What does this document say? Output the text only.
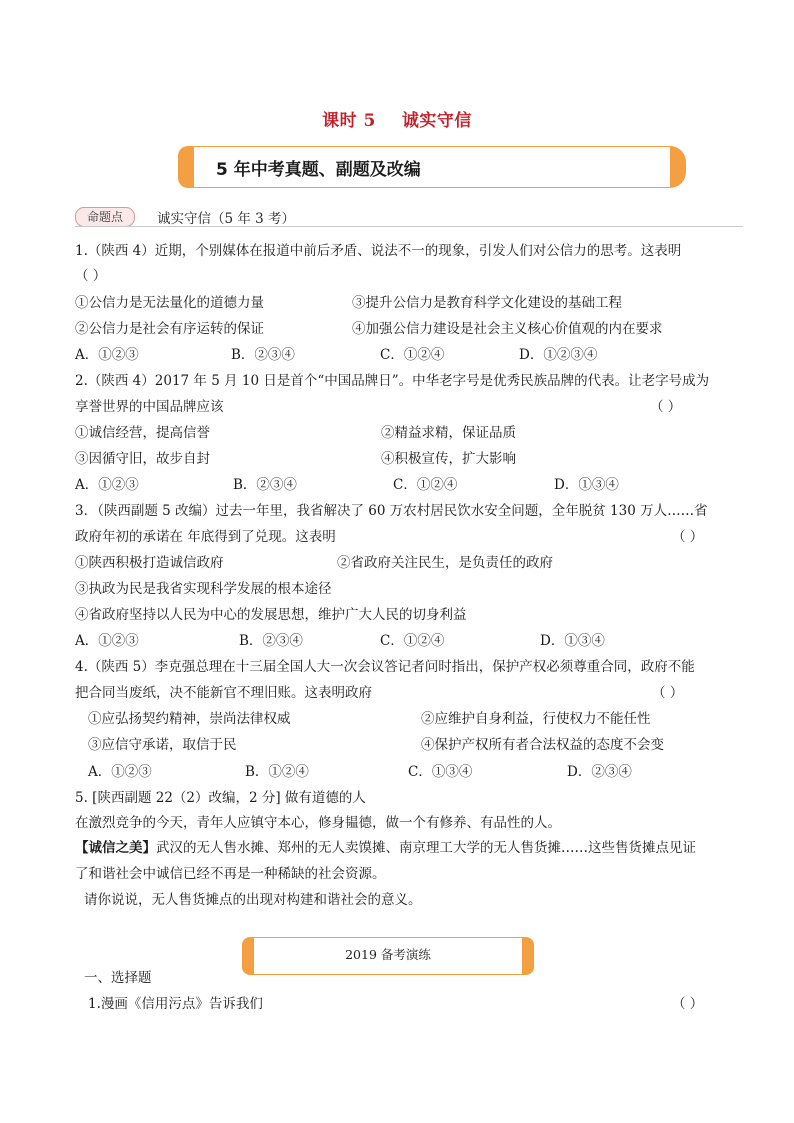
课时 5 诚实守信
5 年中考真题、副题及改编
命题点	诚实守信（5 年 3 考）
1.（陕西 4）近期，个别媒体在报道中前后矛盾、说法不一的现象，引发人们对公信力的思考。这表明
（ ）
①公信力是无法量化的道德力量	③提升公信力是教育科学文化建设的基础工程
②公信力是社会有序运转的保证	④加强公信力建设是社会主义核心价值观的内在要求
A．①②③	B．②③④	C．①②④	D．①②③④
2.（陕西 4）2017 年 5 月 10 日是首个“中国品牌日”。中华老字号是优秀民族品牌的代表。让老字号成为
享誉世界的中国品牌应该	（ ）
①诚信经营，提高信誉	②精益求精，保证品质
③因循守旧，故步自封	④积极宣传，扩大影响
A．①②③	B．②③④	C．①②④	D．①③④
3．（陕西副题 5 改编）过去一年里，我省解决了 60 万农村居民饮水安全问题，全年脱贫 130 万人……省
政府年初的承诺在 年底得到了兑现。这表明	（ ）
①陕西积极打造诚信政府	②省政府关注民生，是负责任的政府
③执政为民是我省实现科学发展的根本途径
④省政府坚持以人民为中心的发展思想，维护广大人民的切身利益
A．①②③	B．②③④	C．①②④	D．①③④
4.（陕西 5）李克强总理在十三届全国人大一次会议答记者问时指出，保护产权必须尊重合同，政府不能
把合同当废纸，决不能新官不理旧账。这表明政府	（ ）
①应弘扬契约精神，崇尚法律权威	②应维护自身利益，行使权力不能任性
③应信守承诺，取信于民	④保护产权所有者合法权益的态度不会变
A．①②③	B．①②④	C．①③④	D．②③④
5. [陕西副题 22（2）改编，2 分] 做有道德的人
在激烈竞争的今天，青年人应镇守本心，修身韫德，做一个有修养、有品性的人。
【诚信之美】武汉的无人售水摊、郑州的无人卖馍摊、南京理工大学的无人售货摊……这些售货摊点见证
了和谐社会中诚信已经不再是一种稀缺的社会资源。
请你说说，无人售货摊点的出现对构建和谐社会的意义。
2019 备考演练
一、选择题
1.漫画《信用污点》告诉我们	（ ）
